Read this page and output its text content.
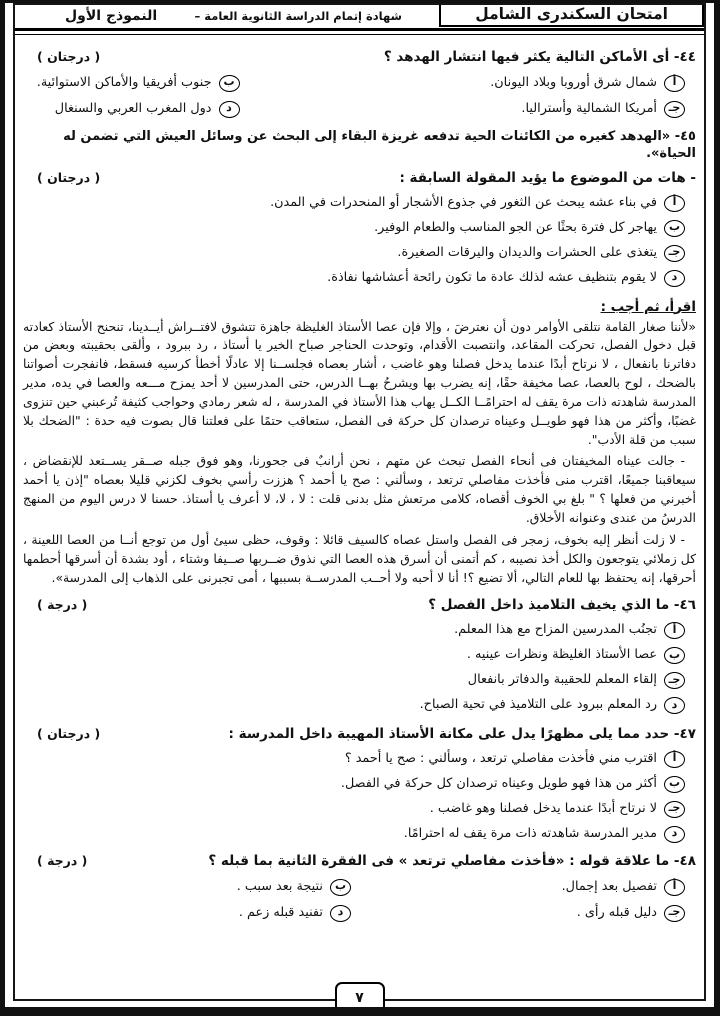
امتحان السكندرى الشامل
شهادة إتمام الدراسة الثانوية العامة –
النموذج الأول
٤٤- أى الأماكن التالية يكثر فيها انتشار الهدهد ؟
( درجتان )
أ
شمال شرق أوروبا وبلاد اليونان.
ب
جنوب أفريقيا والأماكن الاستوائية.
جـ
أمريكا الشمالية وأستراليا.
د
دول المغرب العربي والسنغال
٤٥- «الهدهد كغيره من الكائنات الحية تدفعه غريزة البقاء إلى البحث عن وسائل العيش التي تضمن له الحياة».
- هات من الموضوع ما يؤيد المقولة السابقة :
( درجتان )
أ
في بناء عشه يبحث عن الثغور في جذوع الأشجار أو المنحدرات في المدن.
ب
يهاجر كل فترة بحثًا عن الجو المناسب والطعام الوفير.
جـ
يتغذى على الحشرات والديدان واليرقات الصغيرة.
د
لا يقوم بتنظيف عشه لذلك عادة ما تكون رائحة أعشاشها نفاذة.
اقرأ، ثم أجب :

«لأننا صغار القامة نتلقى الأوامر دون أن نعترضَ ، وإلا فإن عصا الأستاذ الغليظة جاهزة تتشوق لافتــراش أيــدينا، تنحنح الأستاذ كعادته قبل دخول الفصل، تحركت المقاعد، وانتصبت الأقدام، وتوحدت الحناجر صباح الخير يا أستاذ ، رد ببرود ، وألقى بحقيبته وبعض من دفاترنا بانفعال ، لا نرتاح أبدًا عندما يدخل فصلنا وهو غاضب ، أشار بعصاه فجلســنا إلا عادلًا أخطأ كرسيه فسقط، فانفجرت أصواتنا بالضحك ، لوح بالعصا، عصا مخيفة حقًا، إنه يضرب بها ويشرحُ بهــا الدرس، حتى المدرسين لا أحد يمزح مـــعه والعصا في يده، مدير المدرسة شاهدته ذات مرة يقف له احترامًــا الكــل يهاب هذا الأستاذ في المدرسة ، له شعر رمادي وحواجب كثيفة تُرعبني حين تنزوى غضبًا، وأكثر من هذا فهو طويــل وعيناه ترصدان كل حركة فى الفصل، ستعاقب حتمًا على فعلتنا قال بصوت فيه حدة : "الضحك بلا سبب من قلة الأدب".

- جالت عيناه المخيفتان فى أنحاء الفصل تبحث عن متهم ، نحن أرانبٌ فى جحورنا، وهو فوق جبله صــقر يســتعد للإنقضاض ، سيعاقبنا جميعًا، اقترب منى فأخذت مفاصلي ترتعد ، وسألني : صح يا أحمد ؟ هززت رأسي بخوف لكزني قليلا بعصاه "إذن يا أحمد أخبرني من فعلها ؟ " بلغ بي الخوف أقصاه، كلامى مرتعش مثل بدنى قلت : لا ، لا، لا أعرف يا أستاذ. حسنا لا درس اليوم من المنهج الدرسُ من عندى وعنوانه الأخلاق.

- لا زلت أنظر إليه بخوف، زمجر فى الفصل واستل عصاه كالسيف قائلا : وقوف، حظى سيئ أول من توجع أنــا من العصا اللعينة ، كل زملائي يتوجعون والكل أخذ نصيبه ، كم أتمنى أن أسرق هذه العصا التي نذوق ضــربها صــيفا وشتاء ، أود بشدة أن أسرقها أحطمها أحرقها، إنه يحتفظ بها للعام التالي، ألا تضيع ؟! أنا لا أحبه ولا أحــب المدرســة بسببها ، أمى تجبرنى على الذهاب إلى المدرسة».

٤٦- ما الذي يخيف التلاميذ داخل الفصل ؟
( درجة )
أ
تجنُب المدرسين المزاح مع هذا المعلم.
ب
عصا الأستاذ الغليظة ونظرات عينيه .
جـ
إلقاء المعلم للحقيبة والدفاتر بانفعال
د
رد المعلم ببرود على التلاميذ في تحية الصباح.
٤٧- حدد مما يلى مظهرًا يدل على مكانة الأستاذ المهيبة داخل المدرسة :
( درجتان )
أ
اقترب مني فأخذت مفاصلي ترتعد ، وسألني : صح يا أحمد ؟
ب
أكثر من هذا فهو طويل وعيناه ترصدان كل حركة في الفصل.
جـ
لا نرتاح أبدًا عندما يدخل فصلنا وهو غاضب .
د
مدير المدرسة شاهدته ذات مرة يقف له احترامًا.
٤٨- ما علاقة قوله : «فأخذت مفاصلي ترتعد » فى الفقرة الثانية بما قبله ؟
( درجة )
أ
تفصيل بعد إجمال.
ب
نتيجة بعد سبب .
جـ
دليل قبله رأى .
د
تفنيد قبله زعم .
٧
